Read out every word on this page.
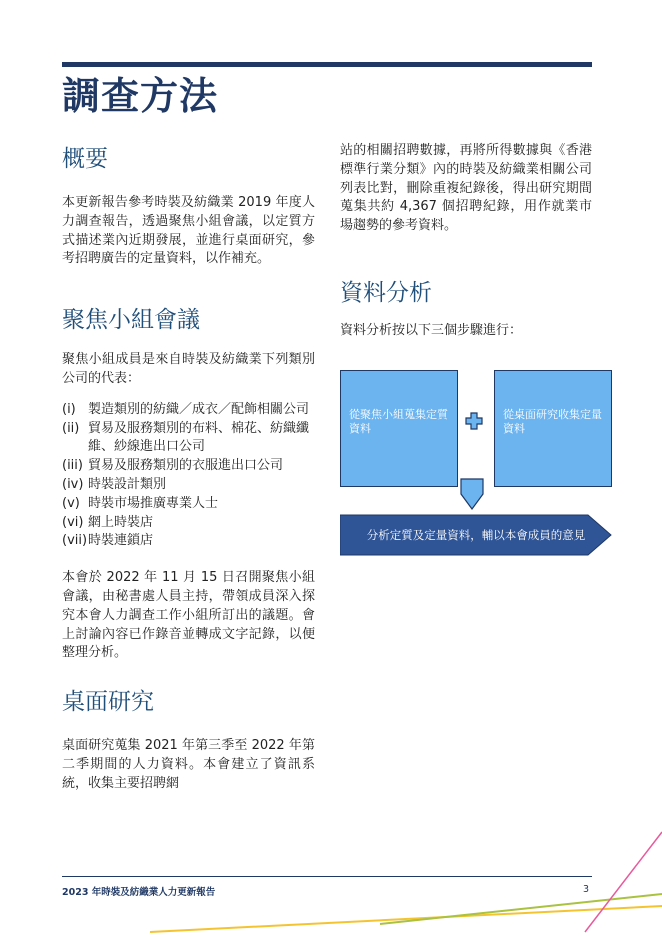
調查方法
概要

本更新報告參考時裝及紡織業 2019 年度人力調查報告，透過聚焦小組會議，以定質方式描述業內近期發展，並進行桌面研究，參考招聘廣告的定量資料，以作補充。

聚焦小組會議

聚焦小組成員是來自時裝及紡織業下列類別公司的代表：

(i) 製造類別的紡織／成衣／配飾相關公司
(ii) 貿易及服務類別的布料、棉花、紡織纖維、紗線進出口公司
(iii) 貿易及服務類別的衣服進出口公司
(iv) 時裝設計類別
(v) 時裝市場推廣專業人士
(vi) 網上時裝店
(vii) 時裝連鎖店

本會於 2022 年 11 月 15 日召開聚焦小組會議，由秘書處人員主持，帶領成員深入探究本會人力調查工作小組所訂出的議題。會上討論內容已作錄音並轉成文字記錄，以便整理分析。

桌面研究

桌面研究蒐集 2021 年第三季至 2022 年第二季期間的人力資料。本會建立了資訊系統，收集主要招聘網

站的相關招聘數據，再將所得數據與《香港標準行業分類》內的時裝及紡織業相關公司列表比對，刪除重複紀錄後，得出研究期間蒐集共約 4,367 個招聘紀錄，用作就業市場趨勢的參考資料。

資料分析

資料分析按以下三個步驟進行：

從聚焦小組蒐集定質資料
從桌面研究收集定量資料
分析定質及定量資料，輔以本會成員的意見
2023 年時裝及紡織業人力更新報告	3
